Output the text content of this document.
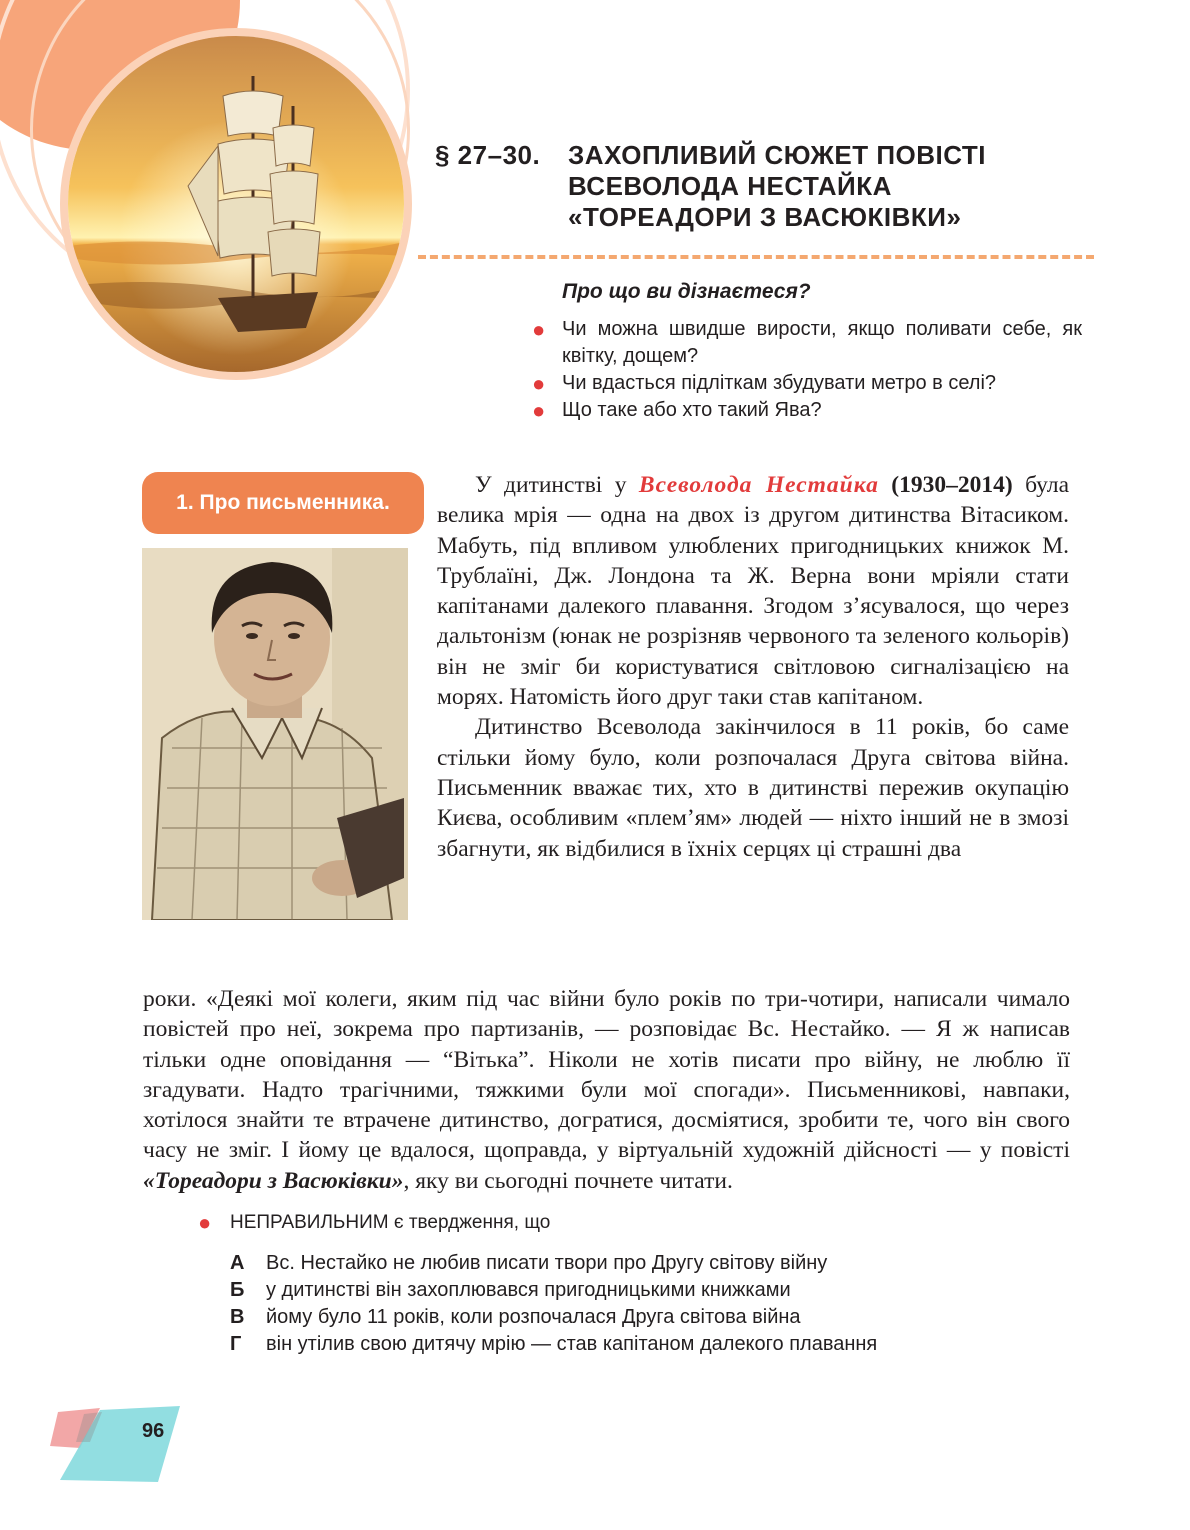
§ 27–30. ЗАХОПЛИВИЙ СЮЖЕТ ПОВІСТІ
ВСЕВОЛОДА НЕСТАЙКА
«ТОРЕАДОРИ З ВАСЮКІВКИ»
Про що ви дізнаєтеся?
● Чи можна швидше вирости, якщо поливати себе, як квітку, дощем?
● Чи вдасться підліткам збудувати метро в селі?
● Що таке або хто такий Ява?
1. Про письменника.
У дитинстві у Всеволода Нестайка (1930–2014) була велика мрія — одна на двох із другом дитинства Вітасиком. Мабуть, під впливом улюблених пригодницьких книжок М. Трублаїні, Дж. Лондона та Ж. Верна вони мріяли стати капітанами далекого плавання. Згодом з’ясувалося, що через дальтонізм (юнак не розрізняв червоного та зеленого кольорів) він не зміг би користуватися світловою сигналізацією на морях. Натомість його друг таки став капітаном.
Дитинство Всеволода закінчилося в 11 років, бо саме стільки йому було, коли розпочалася Друга світова війна. Письменник вважає тих, хто в дитинстві пережив окупацію Києва, особливим «плем’ям» людей — ніхто інший не в змозі збагнути, як відбилися в їхніх серцях ці страшні два
роки. «Деякі мої колеги, яким під час війни було років по три-чотири, написали чимало повістей про неї, зокрема про партизанів, — розповідає Вс. Нестайко. — Я ж написав тільки одне оповідання — “Вітька”. Ніколи не хотів писати про війну, не люблю її згадувати. Надто трагічними, тяжкими були мої спогади». Письменникові, навпаки, хотілося знайти те втрачене дитинство, догратися, досміятися, зробити те, чого він свого часу не зміг. І йому це вдалося, щоправда, у віртуальній художній дійсності — у повісті «Тореадори з Васюківки», яку ви сьогодні почнете читати.
● НЕПРАВИЛЬНИМ є твердження, що
А Вс. Нестайко не любив писати твори про Другу світову війну
Б у дитинстві він захоплювався пригодницькими книжками
В йому було 11 років, коли розпочалася Друга світова війна
Г він утілив свою дитячу мрію — став капітаном далекого плавання
96
